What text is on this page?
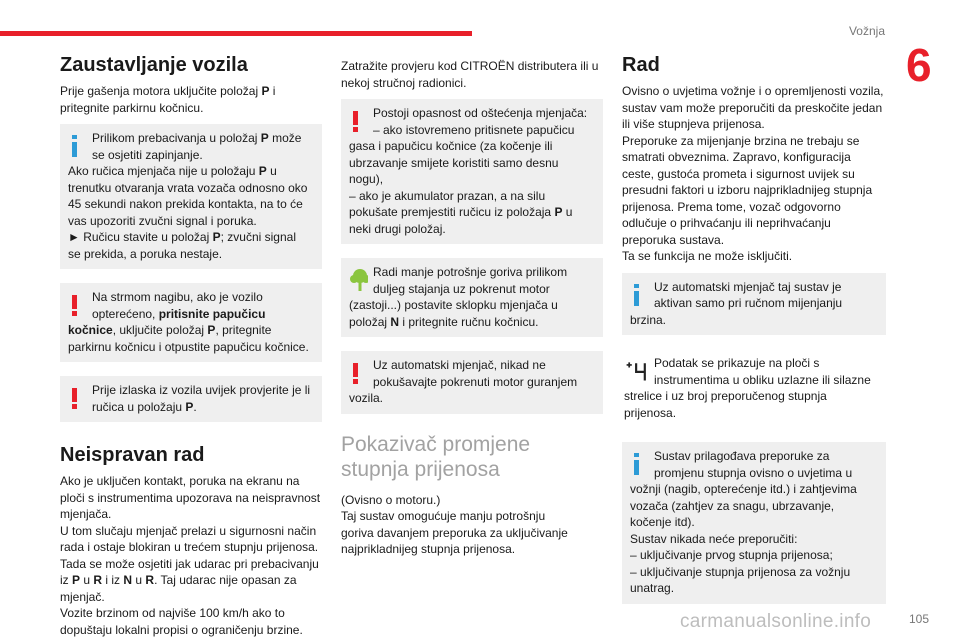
Vožnja
6
Zaustavljanje vozila

Prije gašenja motora uključite položaj P i
pritegnite parkirnu kočnicu.

Prilikom prebacivanja u položaj P može
se osjetiti zapinjanje.
Ako ručica mjenjača nije u položaju P u
trenutku otvaranja vrata vozača odnosno oko
45 sekundi nakon prekida kontakta, na to će
vas upozoriti zvučni signal i poruka.
► Ručicu stavite u položaj P; zvučni signal
se prekida, a poruka nestaje.
Na strmom nagibu, ako je vozilo
opterećeno, pritisnite papučicu
kočnice, uključite položaj P, pritegnite
parkirnu kočnicu i otpustite papučicu kočnice.
Prije izlaska iz vozila uvijek provjerite je li
ručica u položaju P.
Neispravan rad

Ako je uključen kontakt, poruka na ekranu na
ploči s instrumentima upozorava na neispravnost
mjenjača.
U tom slučaju mjenjač prelazi u sigurnosni način
rada i ostaje blokiran u trećem stupnju prijenosa.
Tada se može osjetiti jak udarac pri prebacivanju
iz P u R i iz N u R. Taj udarac nije opasan za
mjenjač.
Vozite brzinom od najviše 100 km/h ako to
dopuštaju lokalni propisi o ograničenju brzine.

Zatražite provjeru kod CITROËN distributera ili u
nekoj stručnoj radionici.

Postoji opasnost od oštećenja mjenjača:
– ako istovremeno pritisnete papučicu
gasa i papučicu kočnice (za kočenje ili
ubrzavanje smijete koristiti samo desnu
nogu),
– ako je akumulator prazan, a na silu
pokušate premjestiti ručicu iz položaja P u
neki drugi položaj.
Radi manje potrošnje goriva prilikom
duljeg stajanja uz pokrenut motor
(zastoji...) postavite sklopku mjenjača u
položaj N i pritegnite ručnu kočnicu.
Uz automatski mjenjač, nikad ne
pokušavajte pokrenuti motor guranjem
vozila.
Pokazivač promjene
stupnja prijenosa

(Ovisno o motoru.)
Taj sustav omogućuje manju potrošnju
goriva davanjem preporuka za uključivanje
najprikladnijeg stupnja prijenosa.

Rad

Ovisno o uvjetima vožnje i o opremljenosti vozila,
sustav vam može preporučiti da preskočite jedan
ili više stupnjeva prijenosa.
Preporuke za mijenjanje brzina ne trebaju se
smatrati obveznima. Zapravo, konfiguracija
ceste, gustoća prometa i sigurnost uvijek su
presudni faktori u izboru najprikladnijeg stupnja
prijenosa. Prema tome, vozač odgovorno
odlučuje o prihvaćanju ili neprihvaćanju
preporuka sustava.
Ta se funkcija ne može isključiti.

Uz automatski mjenjač taj sustav je
aktivan samo pri ručnom mijenjanju
brzina.
Podatak se prikazuje na ploči s
instrumentima u obliku uzlazne ili silazne
strelice i uz broj preporučenog stupnja prijenosa.
Sustav prilagođava preporuke za
promjenu stupnja ovisno o uvjetima u
vožnji (nagib, opterećenje itd.) i zahtjevima
vozača (zahtjev za snagu, ubrzavanje,
kočenje itd).
Sustav nikada neće preporučiti:
– uključivanje prvog stupnja prijenosa;
– uključivanje stupnja prijenosa za vožnju
unatrag.
carmanualsonline.info	105
